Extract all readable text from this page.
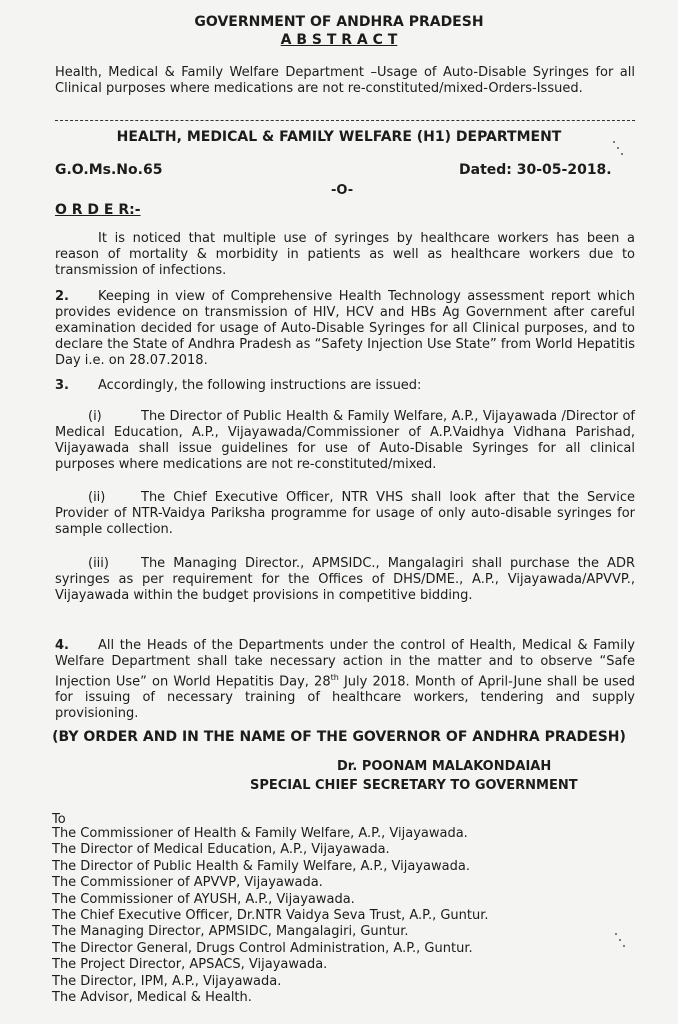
GOVERNMENT OF ANDHRA PRADESH
A B S T R A C T
Health, Medical & Family Welfare Department –Usage of Auto-Disable Syringes for all Clinical purposes where medications are not re-constituted/mixed-Orders-Issued.
HEALTH, MEDICAL & FAMILY WELFARE (H1) DEPARTMENT
G.O.Ms.No.65	Dated: 30-05-2018.
-O-
O R D E R:-
It is noticed that multiple use of syringes by healthcare workers has been a reason of mortality & morbidity in patients as well as healthcare workers due to transmission of infections.
2.	Keeping in view of Comprehensive Health Technology assessment report which provides evidence on transmission of HIV, HCV and HBs Ag Government after careful examination decided for usage of Auto-Disable Syringes for all Clinical purposes, and to declare the State of Andhra Pradesh as “Safety Injection Use State” from World Hepatitis Day i.e. on 28.07.2018.
3. Accordingly, the following instructions are issued:
(i)	The Director of Public Health & Family Welfare, A.P., Vijayawada /Director of Medical Education, A.P., Vijayawada/Commissioner of A.P.Vaidhya Vidhana Parishad, Vijayawada shall issue guidelines for use of Auto-Disable Syringes for all clinical purposes where medications are not re-constituted/mixed.
(ii)	The Chief Executive Officer, NTR VHS shall look after that the Service Provider of NTR-Vaidya Pariksha programme for usage of only auto-disable syringes for sample collection.
(iii)	The Managing Director., APMSIDC., Mangalagiri shall purchase the ADR syringes as per requirement for the Offices of DHS/DME., A.P., Vijayawada/APVVP., Vijayawada within the budget provisions in competitive bidding.
4.	All the Heads of the Departments under the control of Health, Medical & Family Welfare Department shall take necessary action in the matter and to observe “Safe Injection Use” on World Hepatitis Day, 28th July 2018. Month of April-June shall be used for issuing of necessary training of healthcare workers, tendering and supply provisioning.
(BY ORDER AND IN THE NAME OF THE GOVERNOR OF ANDHRA PRADESH)
Dr. POONAM MALAKONDAIAH
SPECIAL CHIEF SECRETARY TO GOVERNMENT
To
The Commissioner of Health & Family Welfare, A.P., Vijayawada.
The Director of Medical Education, A.P., Vijayawada.
The Director of Public Health & Family Welfare, A.P., Vijayawada.
The Commissioner of APVVP, Vijayawada.
The Commissioner of AYUSH, A.P., Vijayawada.
The Chief Executive Officer, Dr.NTR Vaidya Seva Trust, A.P., Guntur.
The Managing Director, APMSIDC, Mangalagiri, Guntur.
The Director General, Drugs Control Administration, A.P., Guntur.
The Project Director, APSACS, Vijayawada.
The Director, IPM, A.P., Vijayawada.
The Advisor, Medical & Health.
